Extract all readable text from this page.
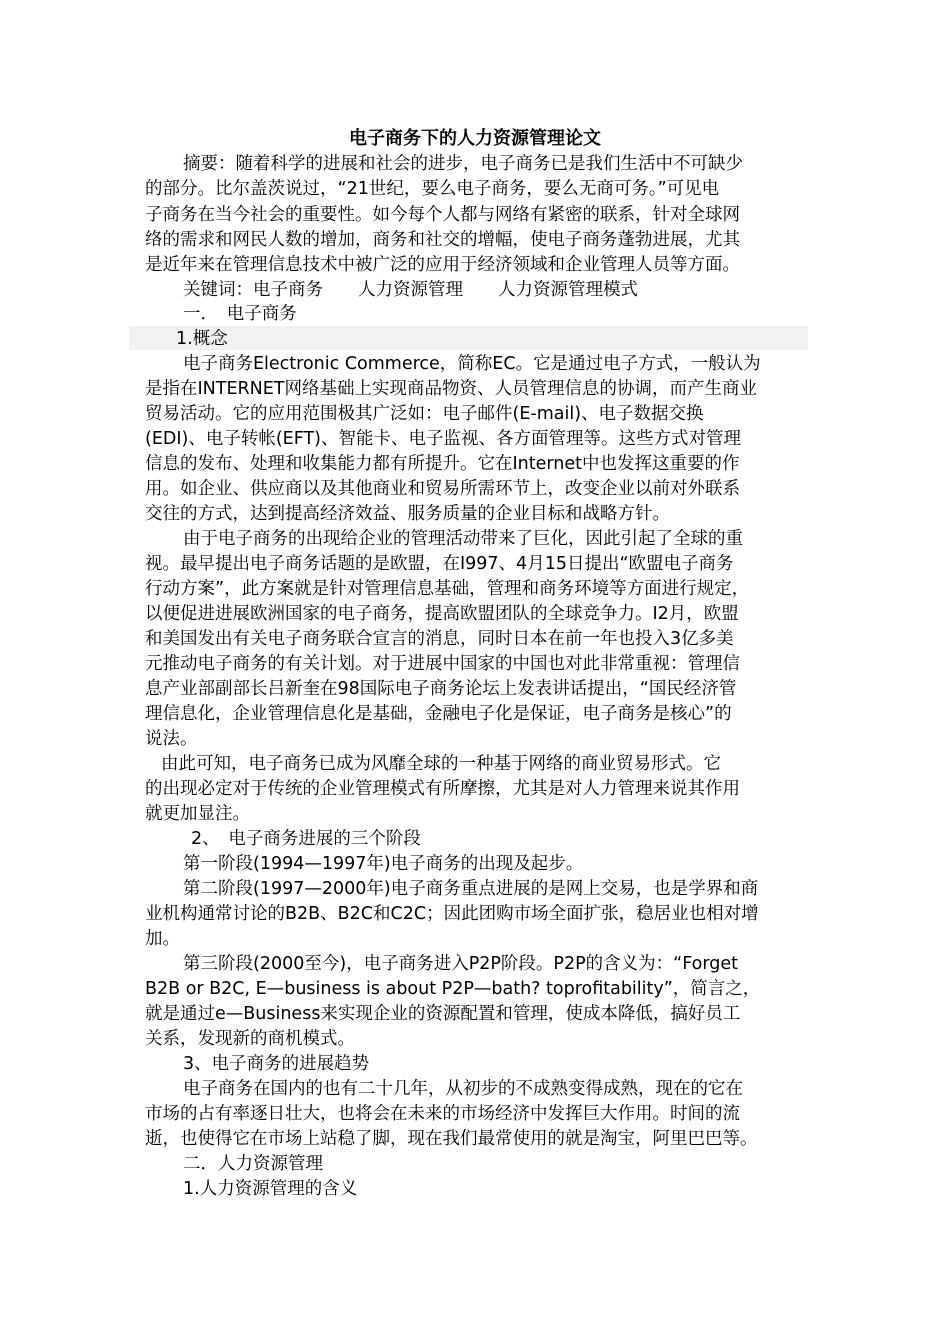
电子商务下的人力资源管理论文
摘要：随着科学的进展和社会的进步，电子商务已是我们生活中不可缺少
的部分。比尔盖茨说过，“21世纪，要么电子商务，要么无商可务。”可见电
子商务在当今社会的重要性。如今每个人都与网络有紧密的联系，针对全球网
络的需求和网民人数的增加，商务和社交的增幅，使电子商务蓬勃进展，尤其
是近年来在管理信息技术中被广泛的应用于经济领域和企业管理人员等方面。
关键词：电子商务　　人力资源管理　　人力资源管理模式
一．　电子商务
1.概念
电子商务Electronic Commerce，简称EC。它是通过电子方式，一般认为
是指在INTERNET网络基础上实现商品物资、人员管理信息的协调，而产生商业
贸易活动。它的应用范围极其广泛如：电子邮件(E-mail)、电子数据交换
(EDI)、电子转帐(EFT)、智能卡、电子监视、各方面管理等。这些方式对管理
信息的发布、处理和收集能力都有所提升。它在Internet中也发挥这重要的作
用。如企业、供应商以及其他商业和贸易所需环节上，改变企业以前对外联系
交往的方式，达到提高经济效益、服务质量的企业目标和战略方针。
由于电子商务的出现给企业的管理活动带来了巨化，因此引起了全球的重
视。最早提出电子商务话题的是欧盟，在I997、4月15日提出“欧盟电子商务
行动方案”，此方案就是针对管理信息基础，管理和商务环境等方面进行规定，
以便促进进展欧洲国家的电子商务，提高欧盟团队的全球竞争力。I2月，欧盟
和美国发出有关电子商务联合宣言的消息，同时日本在前一年也投入3亿多美
元推动电子商务的有关计划。对于进展中国家的中国也对此非常重视：管理信
息产业部副部长吕新奎在98国际电子商务论坛上发表讲话提出，“国民经济管
理信息化，企业管理信息化是基础，金融电子化是保证，电子商务是核心”的
说法。
由此可知，电子商务已成为风靡全球的一种基于网络的商业贸易形式。它
的出现必定对于传统的企业管理模式有所摩擦，尤其是对人力管理来说其作用
就更加显注。
2、　电子商务进展的三个阶段
第一阶段(1994—1997年)电子商务的出现及起步。
第二阶段(1997—2000年)电子商务重点进展的是网上交易，也是学界和商
业机构通常讨论的B2B、B2C和C2C；因此团购市场全面扩张，稳居业也相对增
加。
第三阶段(2000至今)，电子商务进入P2P阶段。P2P的含义为：“Forget
B2B or B2C, E—business is about P2P—bath? toprofitability”，简言之，
就是通过e—Business来实现企业的资源配置和管理，使成本降低，搞好员工
关系，发现新的商机模式。
3、电子商务的进展趋势
电子商务在国内的也有二十几年，从初步的不成熟变得成熟，现在的它在
市场的占有率逐日壮大，也将会在未来的市场经济中发挥巨大作用。时间的流
逝，也使得它在市场上站稳了脚，现在我们最常使用的就是淘宝，阿里巴巴等。
二．人力资源管理
1.人力资源管理的含义
